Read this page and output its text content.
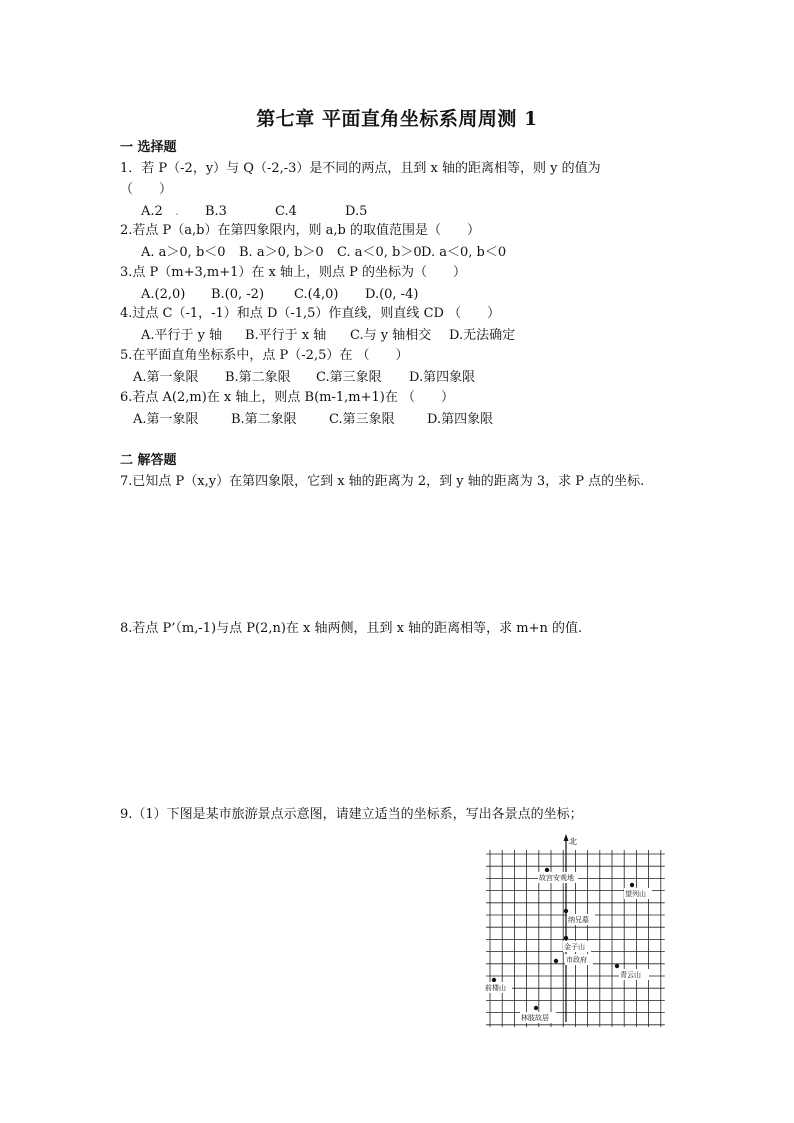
第七章 平面直角坐标系周周测 1
一 选择题
1．若 P（-2，y）与 Q（-2,-3）是不同的两点，且到 x 轴的距离相等，则 y 的值为
（　　）
A.2 . B.3	C.4	D.5
2.若点 P（a,b）在第四象限内，则 a,b 的取值范围是（　　）
A. a＞0, b＜0 B. a＞0, b＞0 C. a＜0, b＞0 D. a＜0, b＜0
3.点 P（m+3,m+1）在 x 轴上，则点 P 的坐标为（　　）
A.(2,0) B.(0, -2) C.(4,0) D.(0, -4)
4.过点 C（-1，-1）和点 D（-1,5）作直线，则直线 CD （　　）
A.平行于 y 轴 B.平行于 x 轴 C.与 y 轴相交 D.无法确定
5.在平面直角坐标系中，点 P（-2,5）在 （　　）
A.第一象限 B.第二象限 C.第三象限 D.第四象限
6.若点 A(2,m)在 x 轴上，则点 B(m-1,m+1)在 （　　）
A.第一象限 B.第二象限 C.第三象限 D.第四象限
二 解答题
7.已知点 P（x,y）在第四象限，它到 x 轴的距离为 2，到 y 轴的距离为 3，求 P 点的坐标.
8.若点 P’（m,-1)与点 P(2,n)在 x 轴两侧，且到 x 轴的距离相等，求 m+n 的值.
9.（1）下图是某市旅游景点示意图，请建立适当的坐标系，写出各景点的坐标；
北
故宫安观地
望列山
纳兄墓
金子山
市政府
青云山
前楼山
林肢故居
